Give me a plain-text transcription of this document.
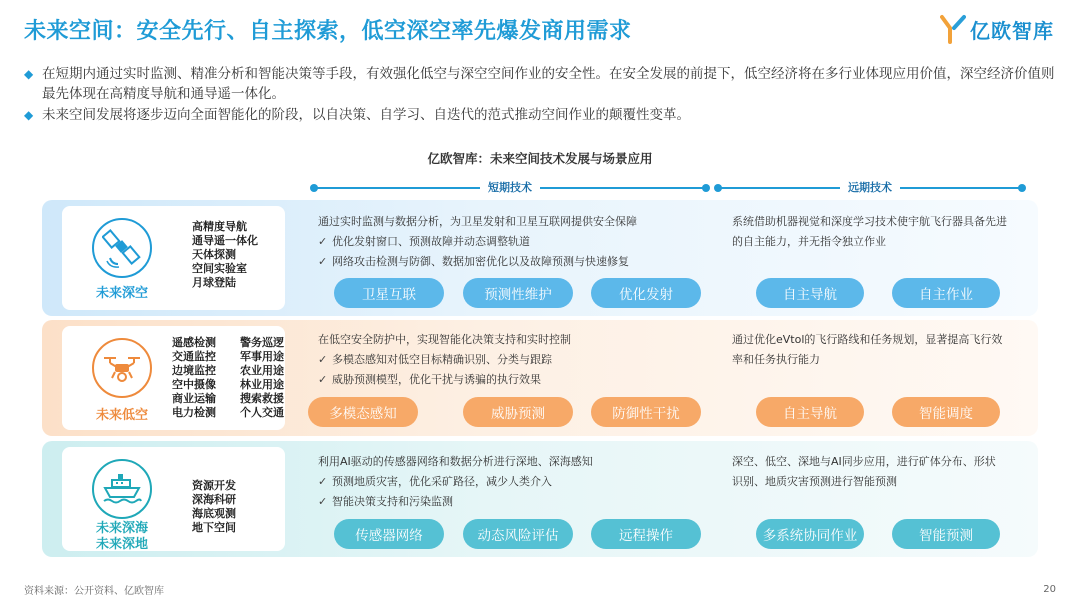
未来空间：安全先行、自主探索，低空深空率先爆发商用需求	亿欧智库
◆ 在短期内通过实时监测、精准分析和智能决策等手段，有效强化低空与深空空间作业的安全性。在安全发展的前提下，低空经济将在多行业体现应用价值，深空经济价值则最先体现在高精度导航和通导遥一体化。
◆ 未来空间发展将逐步迈向全面智能化的阶段，以自决策、自学习、自迭代的范式推动空间作业的颠覆性变革。
亿欧智库：未来空间技术发展与场景应用
短期技术	远期技术
未来深空
高精度导航
通导遥一体化
天体探测
空间实验室
月球登陆
通过实时监测与数据分析，为卫星发射和卫星互联网提供安全保障
✓ 优化发射窗口、预测故障并动态调整轨道
✓ 网络攻击检测与防御、数据加密优化以及故障预测与快速修复
系统借助机器视觉和深度学习技术使宇航飞行器具备先进
的自主能力，并无指令独立作业
卫星互联	预测性维护	优化发射	自主导航	自主作业
未来低空
遥感检测	警务巡逻
交通监控	军事用途
边境监控	农业用途
空中摄像	林业用途
商业运输	搜索救援
电力检测	个人交通
在低空安全防护中，实现智能化决策支持和实时控制
✓ 多模态感知对低空目标精确识别、分类与跟踪
✓ 威胁预测模型，优化干扰与诱骗的执行效果
通过优化eVtol的飞行路线和任务规划，显著提高飞行效
率和任务执行能力
多模态感知	威胁预测	防御性干扰	自主导航	智能调度
未来深海
未来深地
资源开发
深海科研
海底观测
地下空间
利用AI驱动的传感器网络和数据分析进行深地、深海感知
✓ 预测地质灾害，优化采矿路径，减少人类介入
✓ 智能决策支持和污染监测
深空、低空、深地与AI同步应用，进行矿体分布、形状
识别、地质灾害预测进行智能预测
传感器网络	动态风险评估	远程操作	多系统协同作业	智能预测
资料来源：公开资料、亿欧智库	20
